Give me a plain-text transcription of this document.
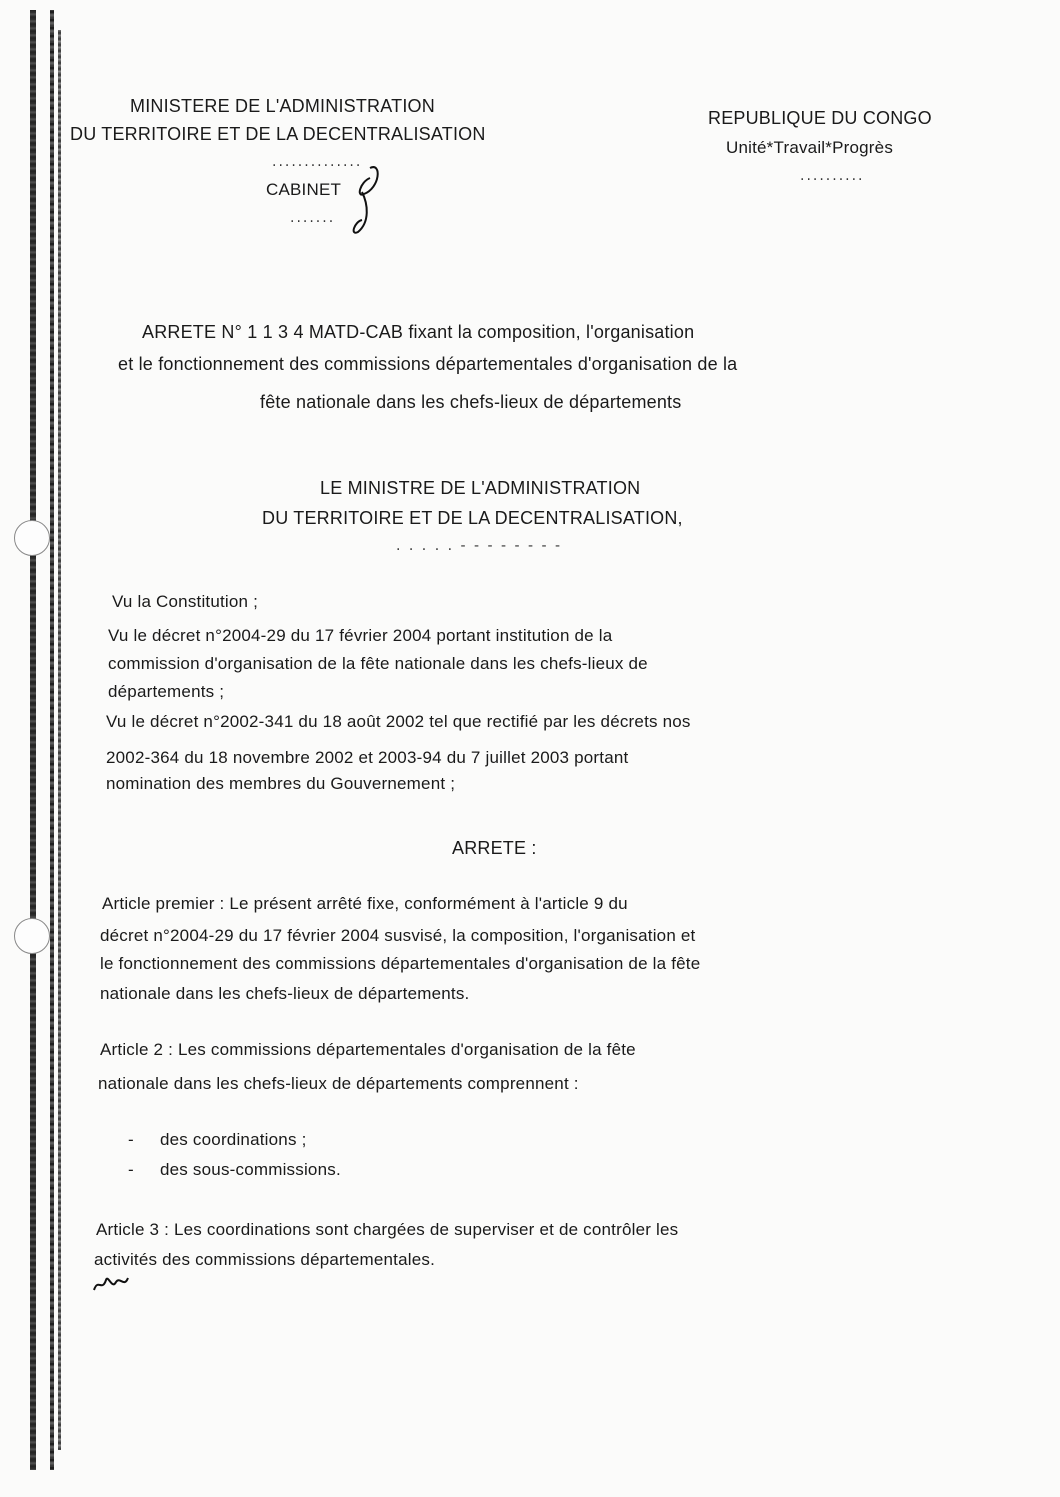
MINISTERE DE L'ADMINISTRATION
DU TERRITOIRE ET DE LA DECENTRALISATION
..............
CABINET
.......
REPUBLIQUE DU CONGO
Unité*Travail*Progrès
..........
ARRETE N° 1 1 3 4 MATD-CAB fixant la composition, l'organisation
et le fonctionnement des commissions départementales d'organisation de la
fête nationale dans les chefs-lieux de départements
LE MINISTRE DE L'ADMINISTRATION
DU TERRITOIRE ET DE LA DECENTRALISATION,
. . . . . - - - - - - - -
Vu la Constitution ;
Vu le décret n°2004-29 du 17 février 2004 portant institution de la
commission d'organisation de la fête nationale dans les chefs-lieux de
départements ;
Vu le décret n°2002-341 du 18 août 2002 tel que rectifié par les décrets nos
2002-364 du 18 novembre 2002 et 2003-94 du 7 juillet 2003 portant
nomination des membres du Gouvernement ;
ARRETE :
Article premier : Le présent arrêté fixe, conformément à l'article 9 du
décret n°2004-29 du 17 février 2004 susvisé, la composition, l'organisation et
le fonctionnement des commissions départementales d'organisation de la fête
nationale dans les chefs-lieux de départements.
Article 2 : Les commissions départementales d'organisation de la fête
nationale dans les chefs-lieux de départements comprennent :
- des coordinations ;
- des sous-commissions.
Article 3 : Les coordinations sont chargées de superviser et de contrôler les
activités des commissions départementales.
